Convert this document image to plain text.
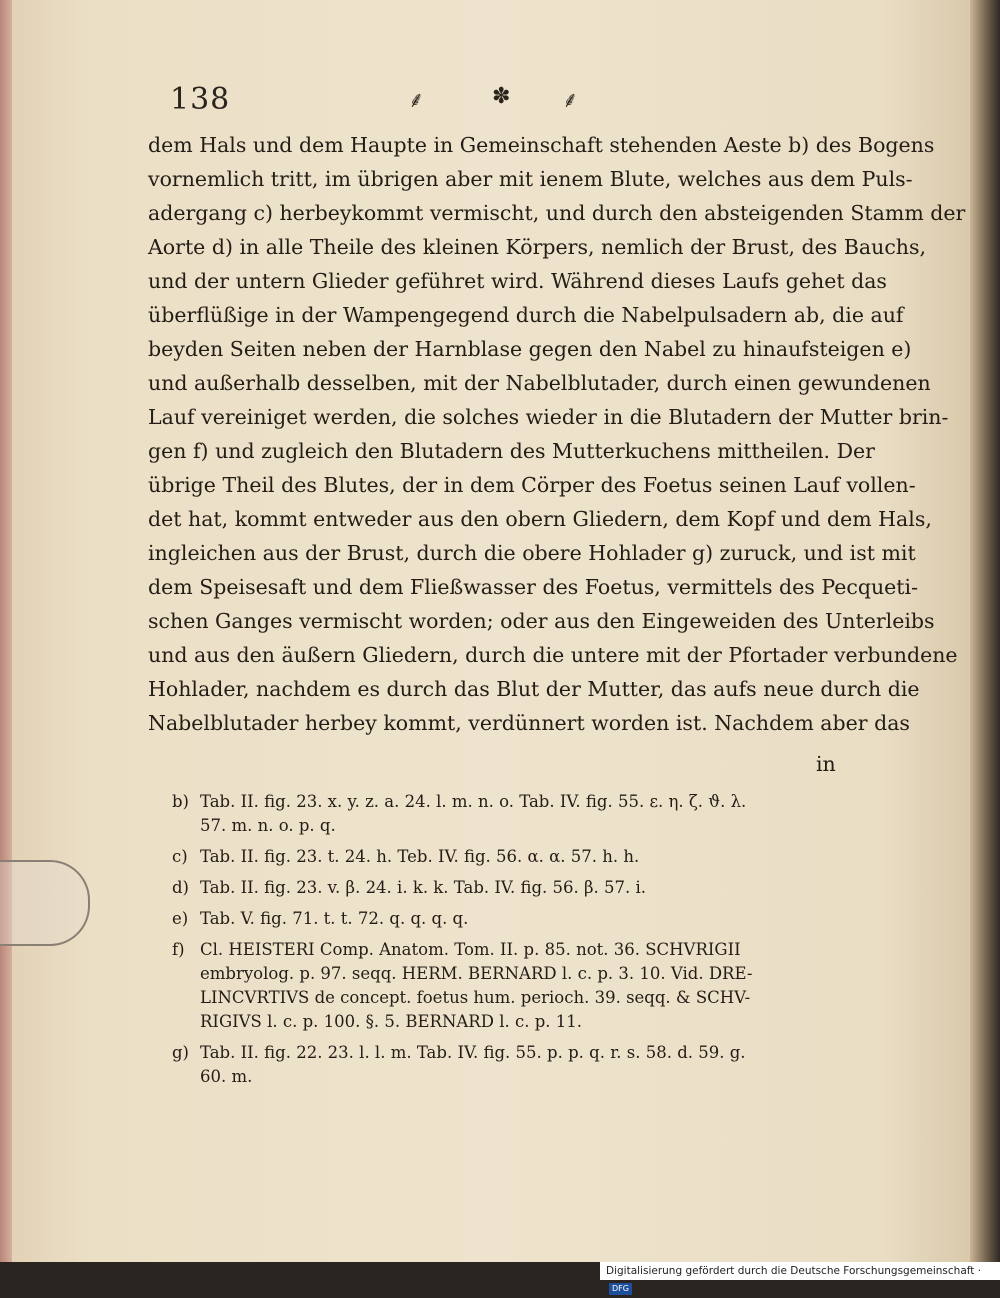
138	⸙	✽ ⸙
dem Hals und dem Haupte in Gemeinschaft stehenden Aeste b) des Bogens
vornemlich tritt, im übrigen aber mit ienem Blute, welches aus dem Puls-
adergang c) herbeykommt vermischt, und durch den absteigenden Stamm der
Aorte d) in alle Theile des kleinen Körpers, nemlich der Brust, des Bauchs,
und der untern Glieder geführet wird. Während dieses Laufs gehet das
überflüßige in der Wampengegend durch die Nabelpulsadern ab, die auf
beyden Seiten neben der Harnblase gegen den Nabel zu hinaufsteigen e)
und außerhalb desselben, mit der Nabelblutader, durch einen gewundenen
Lauf vereiniget werden, die solches wieder in die Blutadern der Mutter brin-
gen f) und zugleich den Blutadern des Mutterkuchens mittheilen. Der
übrige Theil des Blutes, der in dem Cörper des Foetus seinen Lauf vollen-
det hat, kommt entweder aus den obern Gliedern, dem Kopf und dem Hals,
ingleichen aus der Brust, durch die obere Hohlader g) zuruck, und ist mit
dem Speisesaft und dem Fließwasser des Foetus, vermittels des Pecqueti-
schen Ganges vermischt worden; oder aus den Eingeweiden des Unterleibs
und aus den äußern Gliedern, durch die untere mit der Pfortader verbundene
Hohlader, nachdem es durch das Blut der Mutter, das aufs neue durch die
Nabelblutader herbey kommt, verdünnert worden ist. Nachdem aber das
in
b) Tab. II. fig. 23. x. y. z. a. 24. l. m. n. o. Tab. IV. fig. 55. ε. η. ζ. ϑ. λ.
57. m. n. o. p. q.
c) Tab. II. fig. 23. t. 24. h. Teb. IV. fig. 56. α. α. 57. h. h.
d) Tab. II. fig. 23. v. β. 24. i. k. k. Tab. IV. fig. 56. β. 57. i.
e) Tab. V. fig. 71. t. t. 72. q. q. q. q.
f) Cl. HEISTERI Comp. Anatom. Tom. II. p. 85. not. 36. SCHVRIGII
embryolog. p. 97. seqq. HERM. BERNARD l. c. p. 3. 10. Vid. DRE-
LINCVRTIVS de concept. foetus hum. perioch. 39. seqq. & SCHV-
RIGIVS l. c. p. 100. §. 5. BERNARD l. c. p. 11.
g) Tab. II. fig. 22. 23. l. l. m. Tab. IV. fig. 55. p. p. q. r. s. 58. d. 59. g.
60. m.
Digitalisierung gefördert durch die Deutsche Forschungsgemeinschaft ·DFG
